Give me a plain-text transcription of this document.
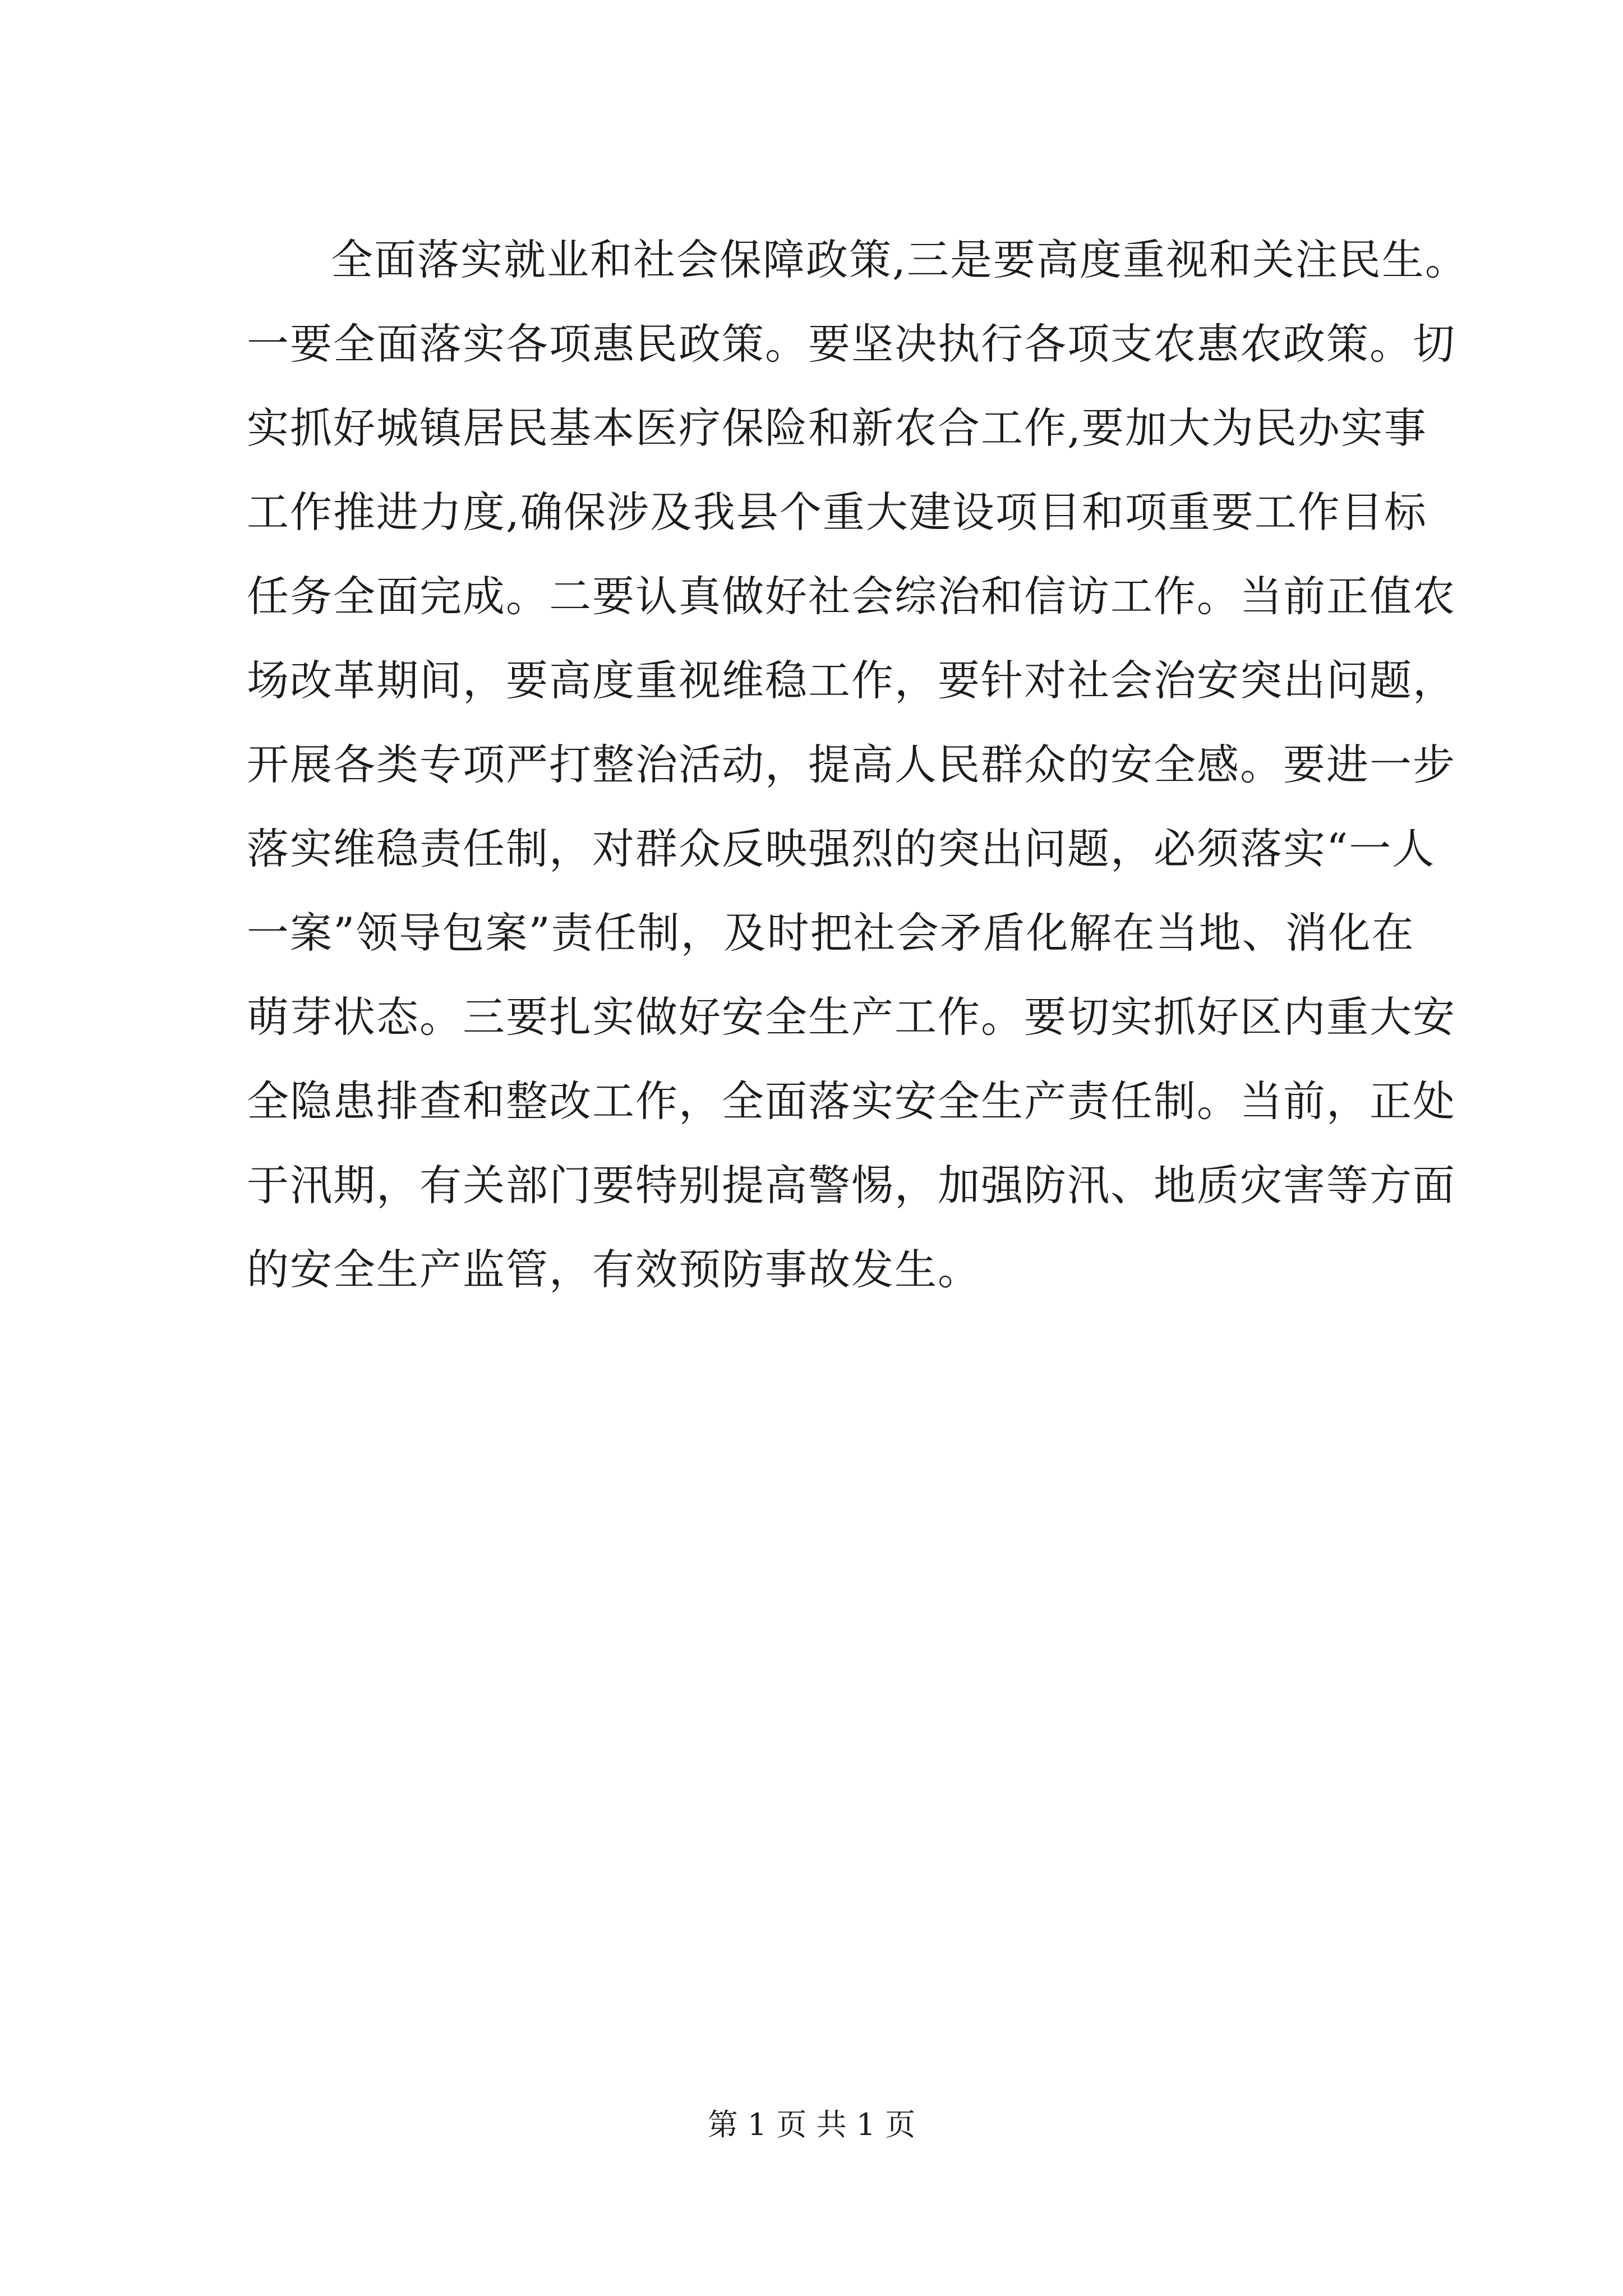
全面落实就业和社会保障政策,三是要高度重视和关注民生。
一要全面落实各项惠民政策。要坚决执行各项支农惠农政策。切
实抓好城镇居民基本医疗保险和新农合工作,要加大为民办实事
工作推进力度,确保涉及我县个重大建设项目和项重要工作目标
任务全面完成。二要认真做好社会综治和信访工作。当前正值农
场改革期间，要高度重视维稳工作，要针对社会治安突出问题，
开展各类专项严打整治活动，提高人民群众的安全感。要进一步
落实维稳责任制，对群众反映强烈的突出问题，必须落实“一人
一案”领导包案”责任制，及时把社会矛盾化解在当地、消化在
萌芽状态。三要扎实做好安全生产工作。要切实抓好区内重大安
全隐患排查和整改工作，全面落实安全生产责任制。当前，正处
于汛期，有关部门要特别提高警惕，加强防汛、地质灾害等方面
的安全生产监管，有效预防事故发生。
第 1 页 共 1 页
